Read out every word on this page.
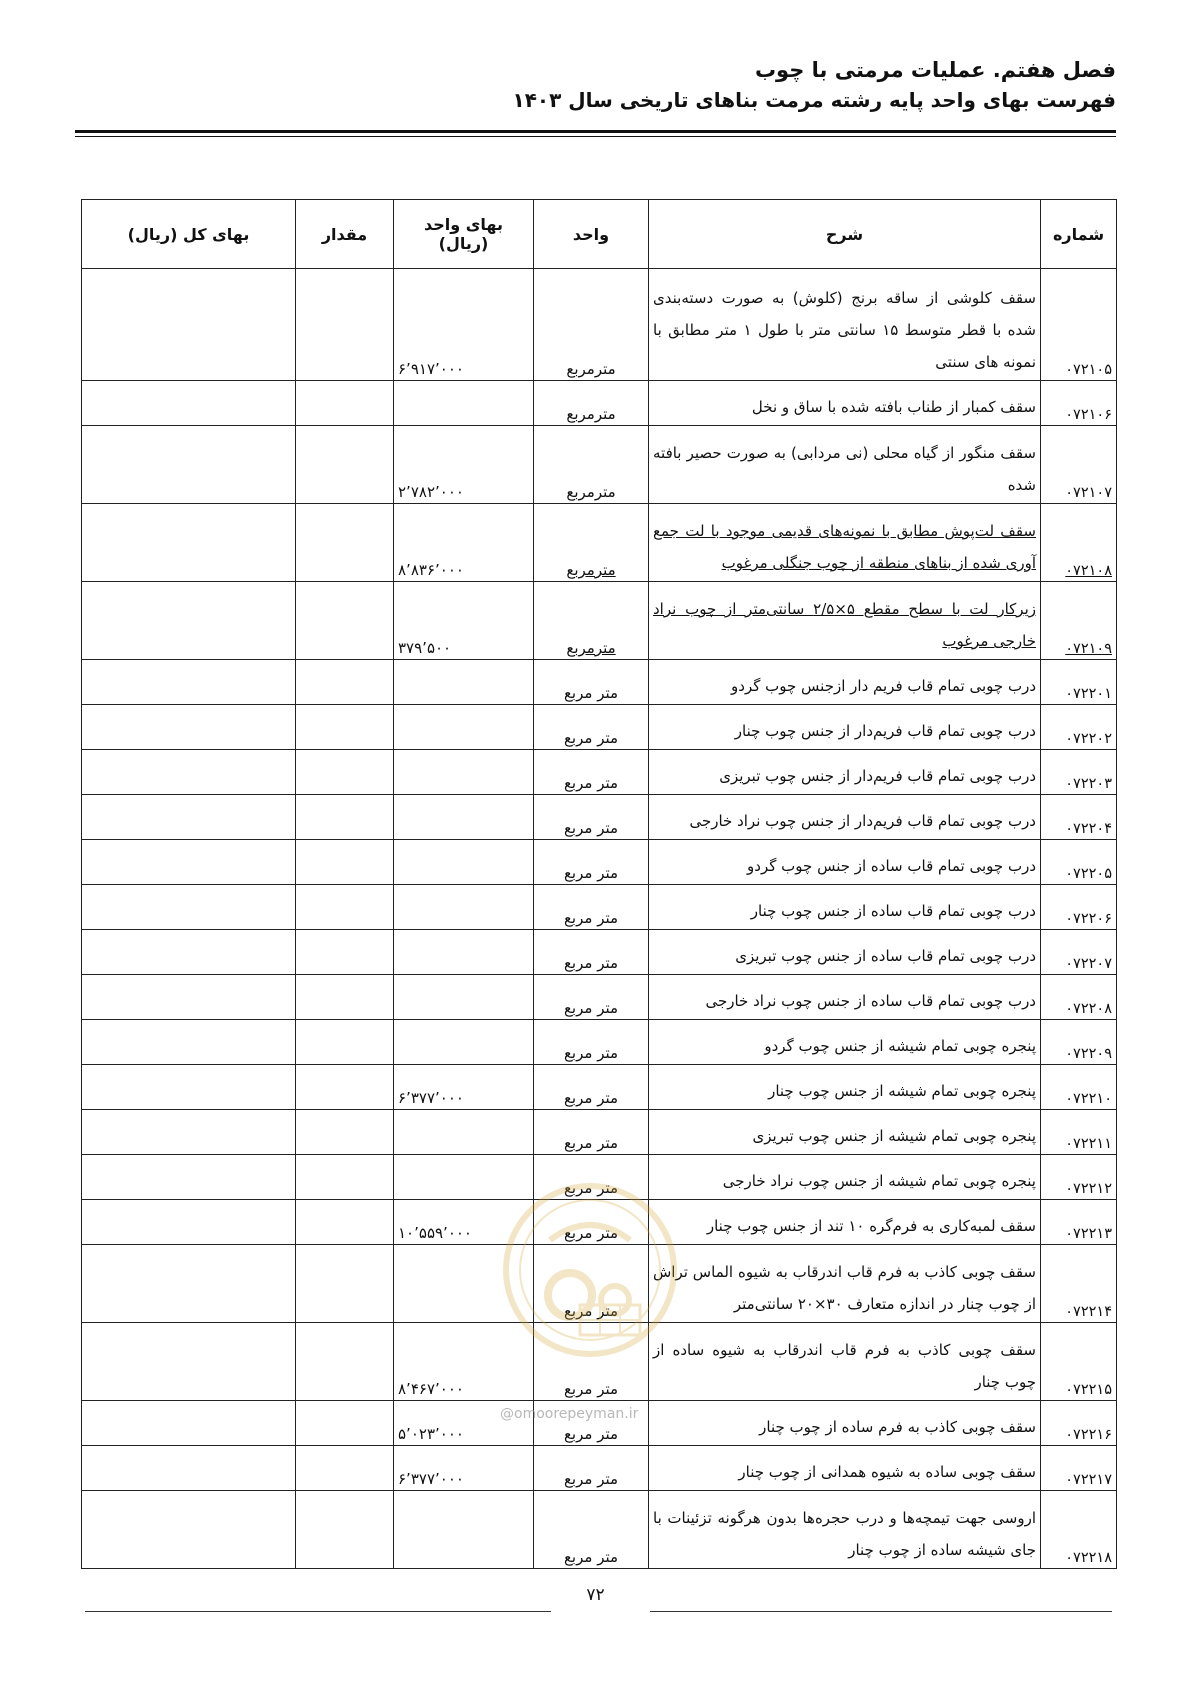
فصل هفتم. عملیات مرمتی با چوب
فهرست بهای واحد پایه رشته مرمت بناهای تاریخی سال ۱۴۰۳
شماره	شرح	واحد	بهای واحد (ریال)	مقدار	بهای کل (ریال)
۰۷۲۱۰۵	سقف کلوشی از ساقه برنج (کلوش) به صورت دسته‌بندی شده با قطر متوسط ۱۵ سانتی متر با طول ۱ متر مطابق با نمونه های سنتی	مترمربع	۶٬۹۱۷٬۰۰۰		
۰۷۲۱۰۶	سقف کمبار از طناب بافته شده با ساق و نخل	مترمربع			
۰۷۲۱۰۷	سقف منگور از گیاه محلی (نی مردابی) به صورت حصیر بافته شده	مترمربع	۲٬۷۸۲٬۰۰۰		
۰۷۲۱۰۸	سقف لت‌پوش مطابق با نمونه‌های قدیمی موجود با لت جمع آوری شده از بناهای منطقه از چوب جنگلی مرغوب	مترمربع	۸٬۸۳۶٬۰۰۰		
۰۷۲۱۰۹	زیرکار لت با سطح مقطع ۵×۲/۵ سانتی‌متر از چوب نراد خارجی مرغوب	مترمربع	۳۷۹٬۵۰۰		
۰۷۲۲۰۱	درب چوبی تمام قاب فریم دار ازجنس چوب گردو	متر مربع			
۰۷۲۲۰۲	درب چوبی تمام قاب فریم‌دار از جنس چوب چنار	متر مربع			
۰۷۲۲۰۳	درب چوبی تمام قاب فریم‌دار از جنس چوب تبریزی	متر مربع			
۰۷۲۲۰۴	درب چوبی تمام قاب فریم‌دار از جنس چوب نراد خارجی	متر مربع			
۰۷۲۲۰۵	درب چوبی تمام قاب ساده از جنس چوب گردو	متر مربع			
۰۷۲۲۰۶	درب چوبی تمام قاب ساده از جنس چوب چنار	متر مربع			
۰۷۲۲۰۷	درب چوبی تمام قاب ساده از جنس چوب تبریزی	متر مربع			
۰۷۲۲۰۸	درب چوبی تمام قاب ساده از جنس چوب نراد خارجی	متر مربع			
۰۷۲۲۰۹	پنجره چوبی تمام شیشه از جنس چوب گردو	متر مربع			
۰۷۲۲۱۰	پنجره چوبی تمام شیشه از جنس چوب چنار	متر مربع	۶٬۳۷۷٬۰۰۰		
۰۷۲۲۱۱	پنجره چوبی تمام شیشه از جنس چوب تبریزی	متر مربع			
۰۷۲۲۱۲	پنجره چوبی تمام شیشه از جنس چوب نراد خارجی	متر مربع			
۰۷۲۲۱۳	سقف لمبه‌کاری به فرم‌گره ۱۰ تند از جنس چوب چنار	متر مربع	۱۰٬۵۵۹٬۰۰۰		
۰۷۲۲۱۴	سقف چوبی کاذب به فرم قاب اندرقاب به شیوه الماس تراش از چوب چنار در اندازه متعارف ۳۰×۲۰ سانتی‌متر	متر مربع			
۰۷۲۲۱۵	سقف چوبی کاذب به فرم قاب اندرقاب به شیوه ساده از چوب چنار	متر مربع	۸٬۴۶۷٬۰۰۰		
۰۷۲۲۱۶	سقف چوبی کاذب به فرم ساده از چوب چنار	متر مربع	۵٬۰۲۳٬۰۰۰		
۰۷۲۲۱۷	سقف چوبی ساده به شیوه همدانی از چوب چنار	متر مربع	۶٬۳۷۷٬۰۰۰		
۰۷۲۲۱۸	اروسی جهت تیمچه‌ها و درب حجره‌ها بدون هرگونه تزئینات با جای شیشه ساده از چوب چنار	متر مربع			
@omoorepeyman.ir
۷۲
